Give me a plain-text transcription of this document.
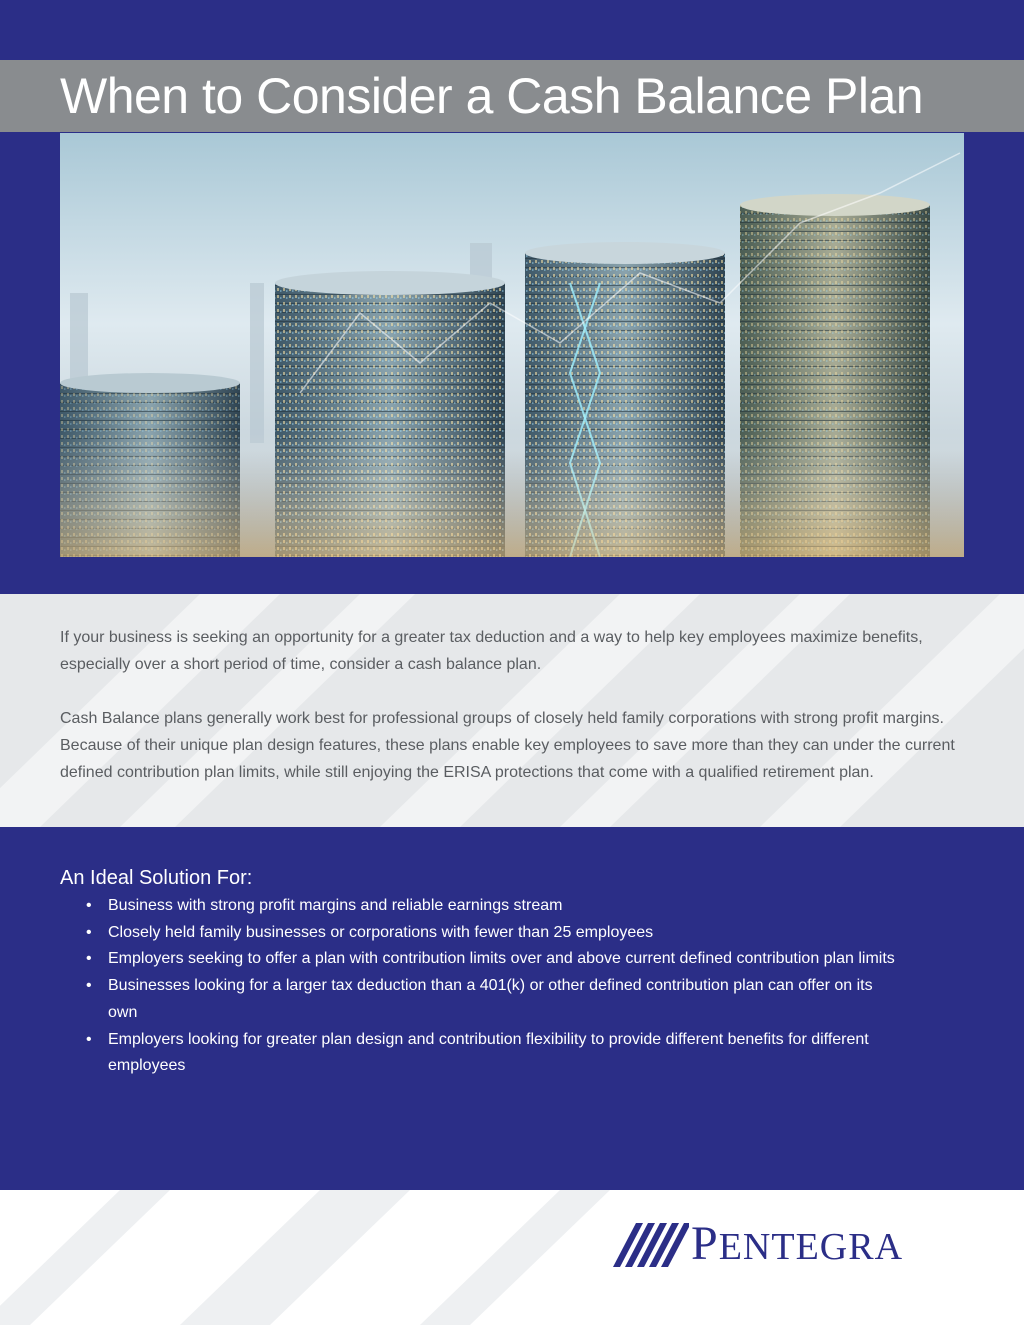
When to Consider a Cash Balance Plan

If your business is seeking an opportunity for a greater tax deduction and a way to help key employees maximize benefits, especially over a short period of time, consider a cash balance plan.

Cash Balance plans generally work best for professional groups of closely held family corporations with strong profit margins. Because of their unique plan design features, these plans enable key employees to save more than they can under the current defined contribution plan limits, while still enjoying the ERISA protections that come with a qualified retirement plan.

An Ideal Solution For:
• Business with strong profit margins and reliable earnings stream
• Closely held family businesses or corporations with fewer than 25 employees
• Employers seeking to offer a plan with contribution limits over and above current defined contribution plan limits
• Businesses looking for a larger tax deduction than a 401(k) or other defined contribution plan can offer on its own
• Employers looking for greater plan design and contribution flexibility to provide different benefits for different employees
PENTEGRA
